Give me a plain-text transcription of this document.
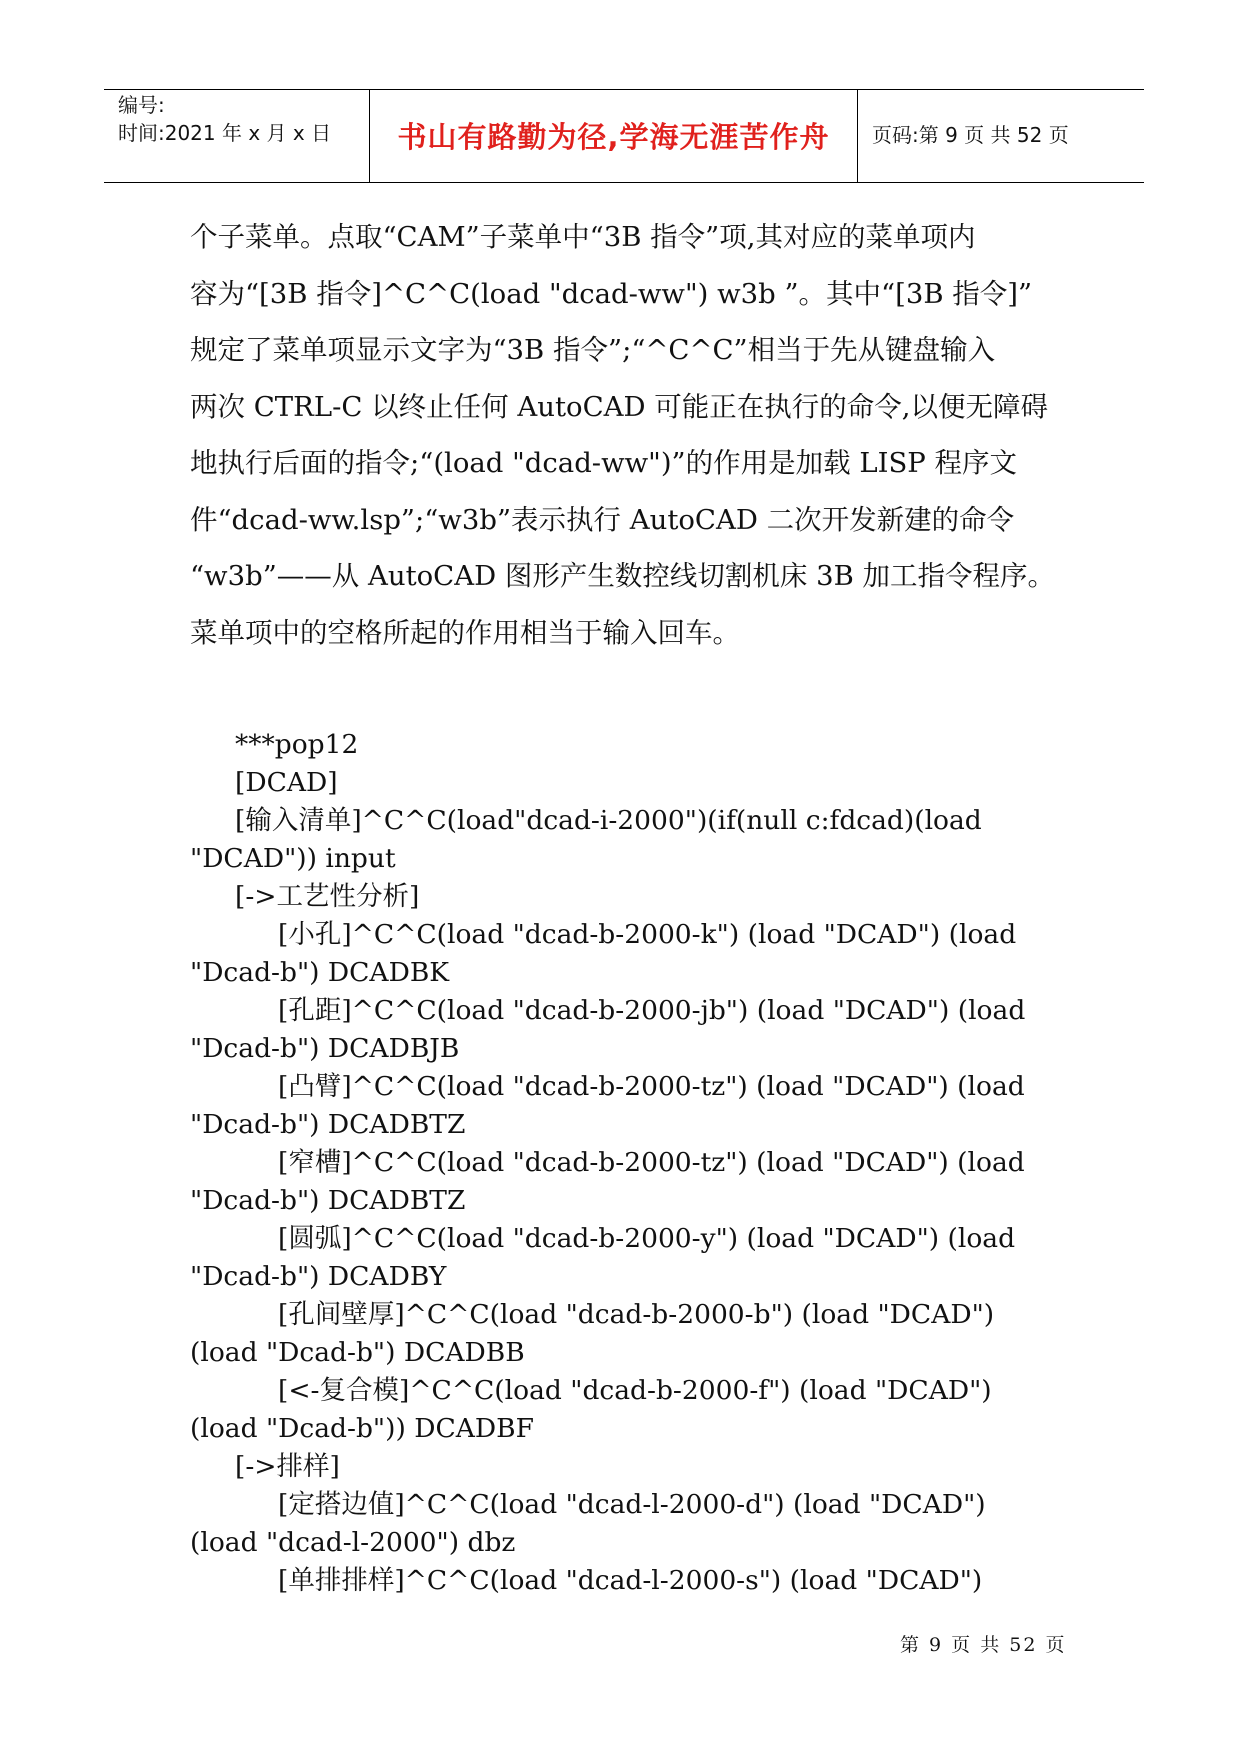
编号:
时间:2021 年 x 月 x 日	书山有路勤为径,学海无涯苦作舟	页码:第 9 页 共 52 页
个子菜单。点取“CAM”子菜单中“3B 指令”项,其对应的菜单项内
容为“[3B 指令]^C^C(load "dcad-ww") w3b ”。其中“[3B 指令]”
规定了菜单项显示文字为“3B 指令”;“^C^C”相当于先从键盘输入
两次 CTRL-C 以终止任何 AutoCAD 可能正在执行的命令,以便无障碍
地执行后面的指令;“(load "dcad-ww")”的作用是加载 LISP 程序文
件“dcad-ww.lsp”;“w3b”表示执行 AutoCAD 二次开发新建的命令
“w3b”——从 AutoCAD 图形产生数控线切割机床 3B 加工指令程序。
菜单项中的空格所起的作用相当于输入回车。
***pop12
[DCAD]
[输入清单]^C^C(load"dcad-i-2000")(if(null c:fdcad)(load
"DCAD")) input
[->工艺性分析]
[小孔]^C^C(load "dcad-b-2000-k") (load "DCAD") (load
"Dcad-b") DCADBK
[孔距]^C^C(load "dcad-b-2000-jb") (load "DCAD") (load
"Dcad-b") DCADBJB
[凸臂]^C^C(load "dcad-b-2000-tz") (load "DCAD") (load
"Dcad-b") DCADBTZ
[窄槽]^C^C(load "dcad-b-2000-tz") (load "DCAD") (load
"Dcad-b") DCADBTZ
[圆弧]^C^C(load "dcad-b-2000-y") (load "DCAD") (load
"Dcad-b") DCADBY
[孔间壁厚]^C^C(load "dcad-b-2000-b") (load "DCAD")
(load "Dcad-b") DCADBB
[<-复合模]^C^C(load "dcad-b-2000-f") (load "DCAD")
(load "Dcad-b")) DCADBF
[->排样]
[定搭边值]^C^C(load "dcad-l-2000-d") (load "DCAD")
(load "dcad-l-2000") dbz
[单排排样]^C^C(load "dcad-l-2000-s") (load "DCAD")
第 9 页 共 52 页
